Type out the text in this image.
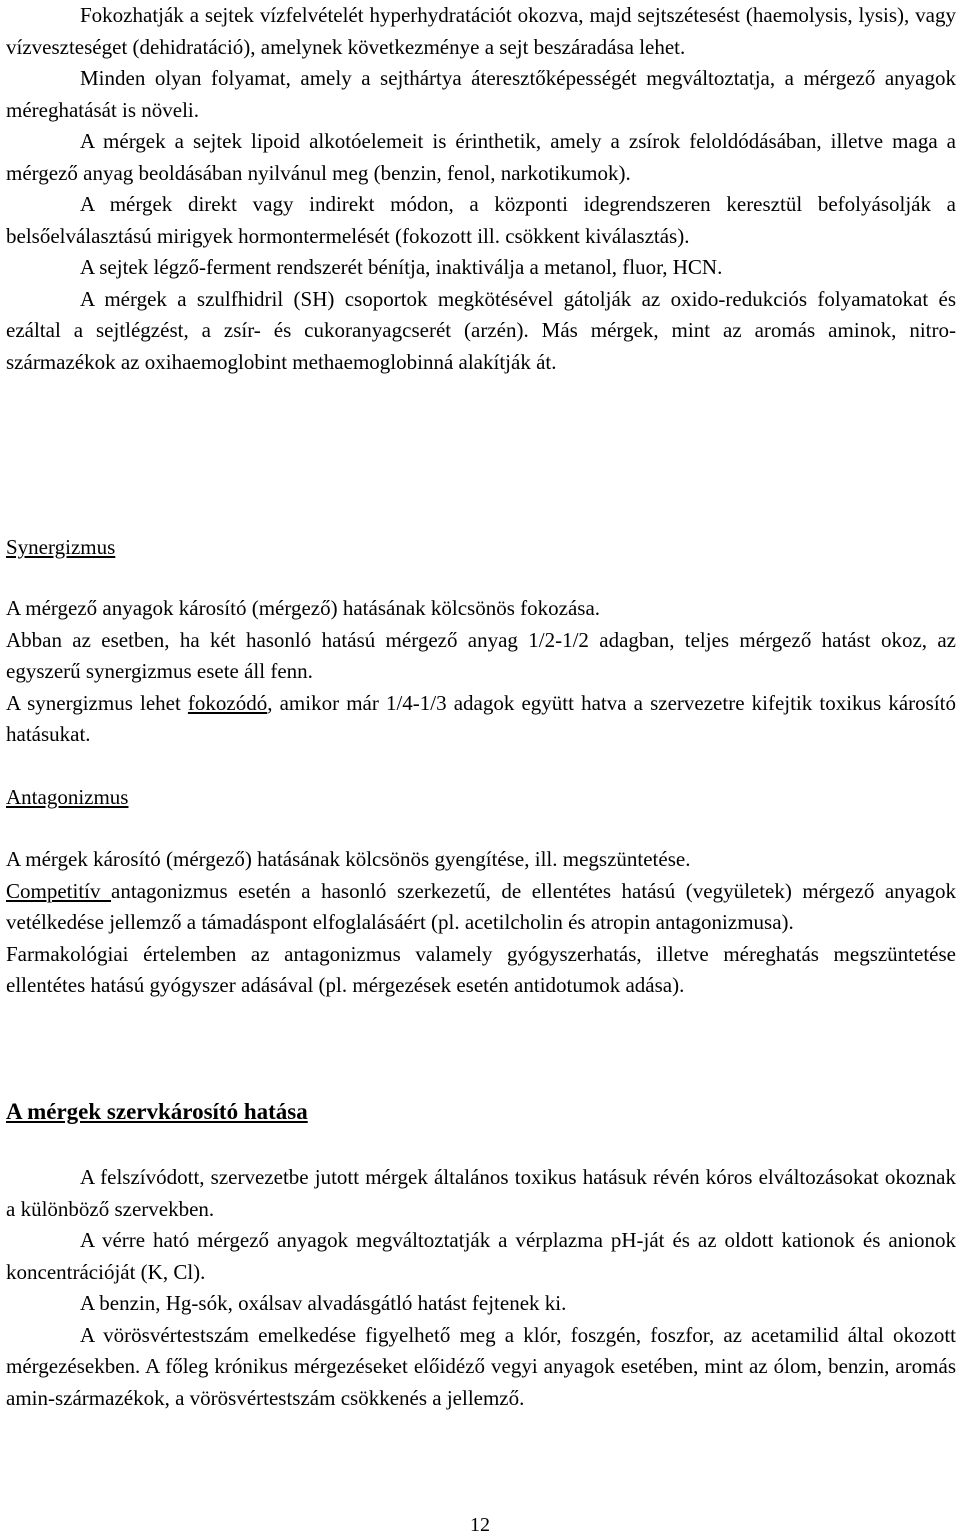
Fokozhatják a sejtek vízfelvételét hyperhydratációt okozva, majd sejtszétesést (haemolysis, lysis), vagy vízveszteséget (dehidratáció), amelynek következménye a sejt beszáradása lehet.

Minden olyan folyamat, amely a sejthártya áteresztőképességét megváltoztatja, a mérgező anyagok méreghatását is növeli.

A mérgek a sejtek lipoid alkotóelemeit is érinthetik, amely a zsírok feloldódásában, illetve maga a mérgező anyag beoldásában nyilvánul meg (benzin, fenol, narkotikumok).

A mérgek direkt vagy indirekt módon, a központi idegrendszeren keresztül befolyásolják a belsőelválasztású mirigyek hormontermelését (fokozott ill. csökkent kiválasztás).

A sejtek légző-ferment rendszerét bénítja, inaktiválja a metanol, fluor, HCN.

A mérgek a szulfhidril (SH) csoportok megkötésével gátolják az oxido-redukciós folyamatokat és ezáltal a sejtlégzést, a zsír- és cukoranyagcserét (arzén). Más mérgek, mint az aromás aminok, nitro-származékok az oxihaemoglobint methaemoglobinná alakítják át.

Synergizmus

A mérgező anyagok károsító (mérgező) hatásának kölcsönös fokozása.

Abban az esetben, ha két hasonló hatású mérgező anyag 1/2-1/2 adagban, teljes mérgező hatást okoz, az egyszerű synergizmus esete áll fenn.

A synergizmus lehet fokozódó, amikor már 1/4-1/3 adagok együtt hatva a szervezetre kifejtik toxikus károsító hatásukat.

Antagonizmus

A mérgek károsító (mérgező) hatásának kölcsönös gyengítése, ill. megszüntetése.

Competitív antagonizmus esetén a hasonló szerkezetű, de ellentétes hatású (vegyületek) mérgező anyagok vetélkedése jellemző a támadáspont elfoglalásáért (pl. acetilcholin és atropin antagonizmusa).

Farmakológiai értelemben az antagonizmus valamely gyógyszerhatás, illetve méreghatás megszüntetése ellentétes hatású gyógyszer adásával (pl. mérgezések esetén antidotumok adása).

A mérgek szervkárosító hatása

A felszívódott, szervezetbe jutott mérgek általános toxikus hatásuk révén kóros elváltozásokat okoznak a különböző szervekben.

A vérre ható mérgező anyagok megváltoztatják a vérplazma pH-ját és az oldott kationok és anionok koncentrációját (K, Cl).

A benzin, Hg-sók, oxálsav alvadásgátló hatást fejtenek ki.

A vörösvértestszám emelkedése figyelhető meg a klór, foszgén, foszfor, az acetamilid által okozott mérgezésekben. A főleg krónikus mérgezéseket előidéző vegyi anyagok esetében, mint az ólom, benzin, aromás amin-származékok, a vörösvértestszám csökkenés a jellemző.

12
